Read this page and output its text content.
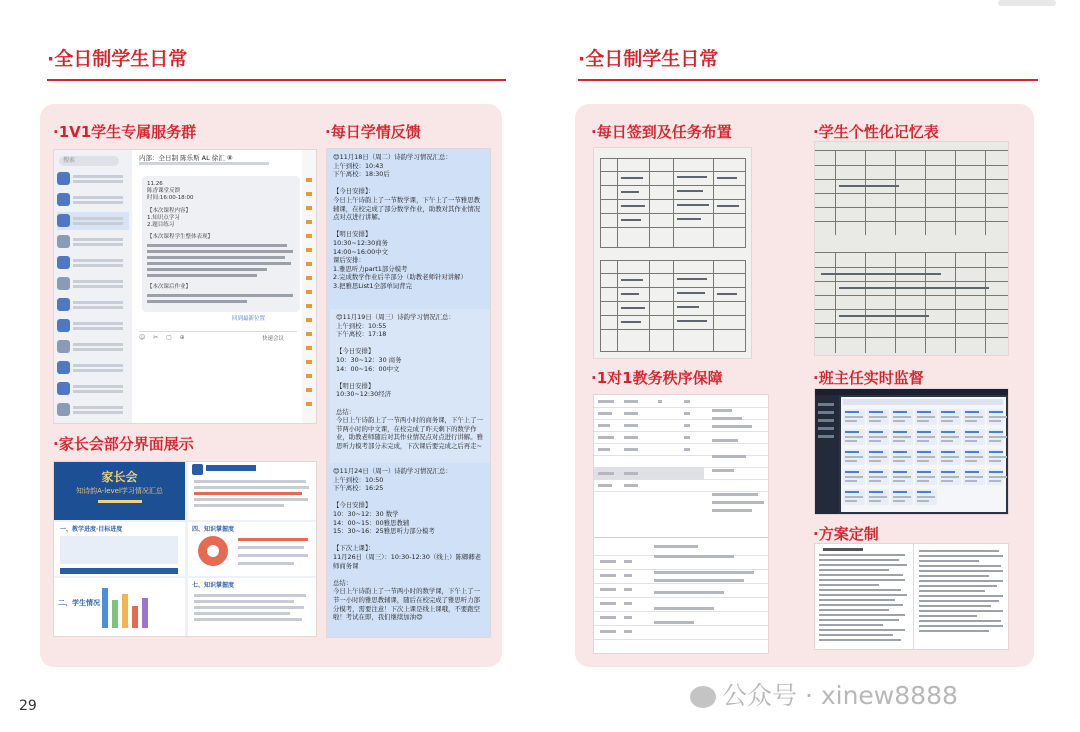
·全日制学生日常
·1V1学生专属服务群	·每日学情反馈
·家长会部分界面展示
搜索	内部：全日制 陈乐斯 AL 徐汇 ⑧
11.26
陈香课堂反馈
时间:16:00-18:00
【本次课程内容】
1.知识点学习
2.题目练习
【本次课程学生整体表现】
【本次课后作业】
回到最新位置
快速会议
☺ ✂ ▢ ⊕
😊11月18日（周二）诗韵学习情况汇总：
上午到校：10:43
下午离校：18:30后

【今日安排】：
今日上午诗韵上了一节数学课，下午上了一节雅思教辅课，在校完成了部分数学作业，助教对其作业情况点对点进行讲解。

【明日安排】
10:30~12:30商务
14:00~16:00中文
课后安排：
1.雅思听力part1部分模考
2.完成数学作业后半部分（助教老师针对讲解）
3.把雅思List1全部单词背完
😊11月19日（周三）诗韵学习情况汇总：
上午到校：10:55
下午离校：17:18

【今日安排】
10：30~12：30 商务
14：00~16：00中文

【明日安排】
10:30~12:30经济

总结：
今日上午诗韵上了一节两小时的商务课，下午上了一节两小时的中文课，在校完成了昨天剩下的数学作业，助教老师随后对其作业情况点对点进行讲解。雅思听力模考部分未完成，下次课后要完成之后再走~
😊11月24日（周一）诗韵学习情况汇总：
上午到校：10:50
下午离校：16:25

【今日安排】
10：30~12：30 数学
14：00~15：00雅思教辅
15：30~16：25雅思听力部分模考

【下次上课】：
11月26日（周三）：10:30-12:30（线上）陈卿卿老师商务课

总结：
今日上午诗韵上了一节两小时的数学课，下午上了一节一小时的雅思教辅课，随后在校完成了雅思听力部分模考，需要注意！下次上课是线上课哦，不要跑空啦！考试在即，我们继续加油😊
家长会
知诗韵A-level学习情况汇总
一、教学进度·目标进度	四、知识掌握度
二、学生情况
七、知识掌握度
·全日制学生日常
·每日签到及任务布置	·学生个性化记忆表
·1对1教务秩序保障	·班主任实时监督
·方案定制
29	公众号 · xinew8888
